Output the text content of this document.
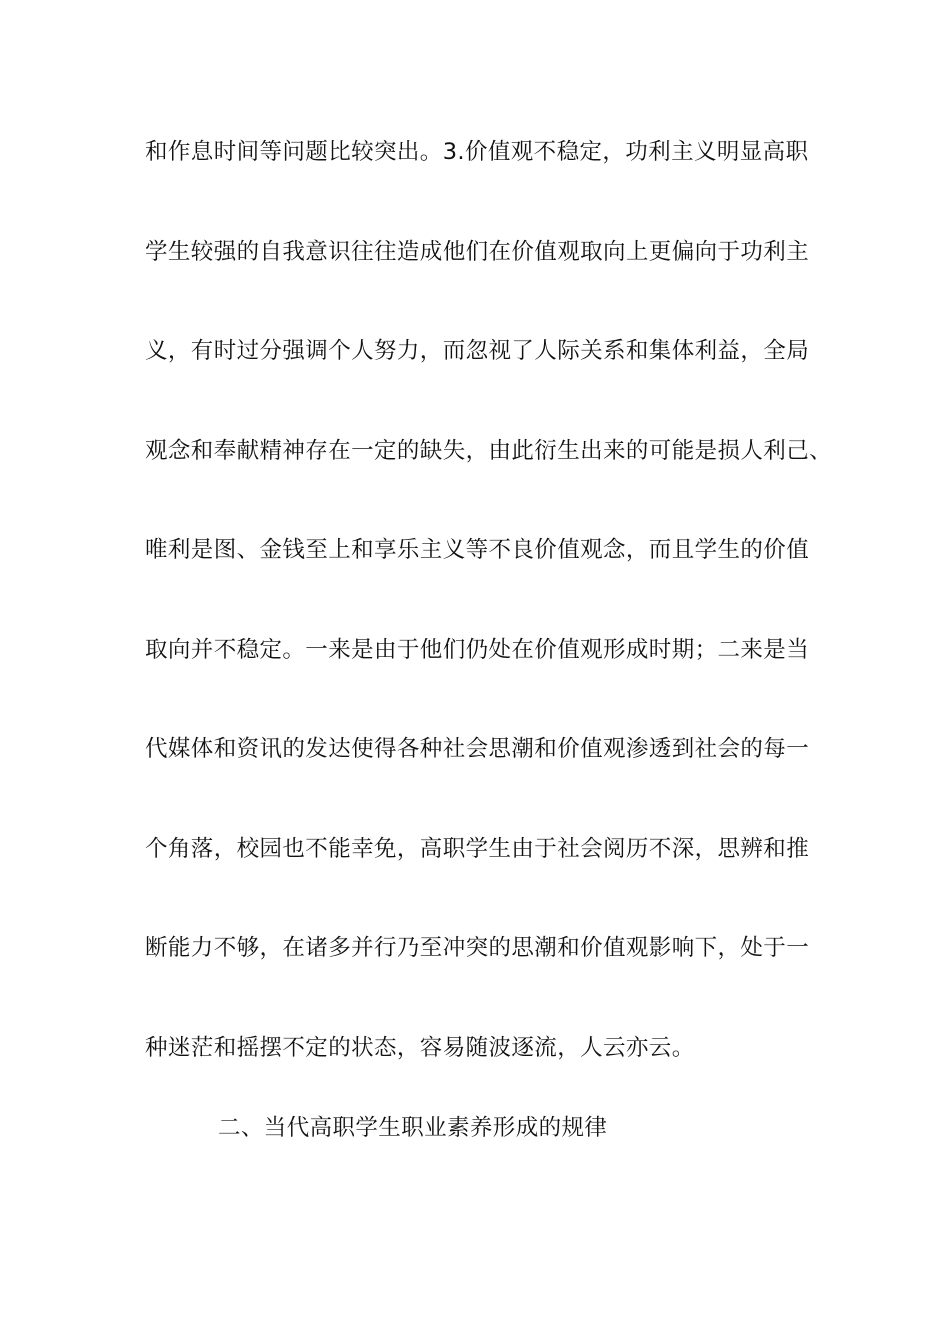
和作息时间等问题比较突出。3.价值观不稳定，功利主义明显高职
学生较强的自我意识往往造成他们在价值观取向上更偏向于功利主
义，有时过分强调个人努力，而忽视了人际关系和集体利益，全局
观念和奉献精神存在一定的缺失，由此衍生出来的可能是损人利己、
唯利是图、金钱至上和享乐主义等不良价值观念，而且学生的价值
取向并不稳定。一来是由于他们仍处在价值观形成时期；二来是当
代媒体和资讯的发达使得各种社会思潮和价值观渗透到社会的每一
个角落，校园也不能幸免，高职学生由于社会阅历不深，思辨和推
断能力不够，在诸多并行乃至冲突的思潮和价值观影响下，处于一
种迷茫和摇摆不定的状态，容易随波逐流，人云亦云。
二、当代高职学生职业素养形成的规律
